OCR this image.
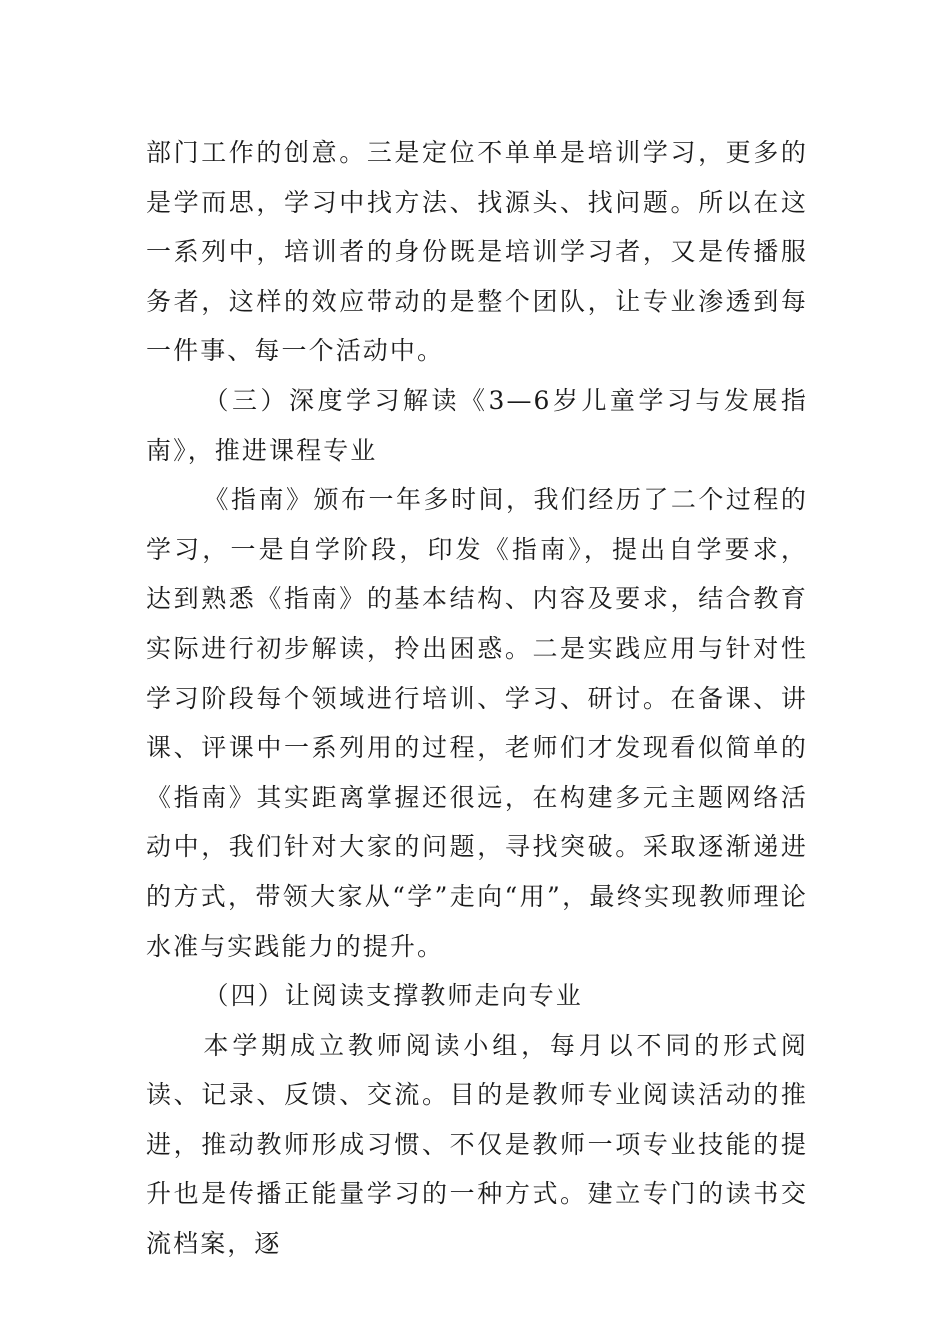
部门工作的创意。三是定位不单单是培训学习，更多的是学而思，学习中找方法、找源头、找问题。所以在这一系列中，培训者的身份既是培训学习者，又是传播服务者，这样的效应带动的是整个团队，让专业渗透到每一件事、每一个活动中。

（三）深度学习解读《3—6岁儿童学习与发展指南》，推进课程专业

《指南》颁布一年多时间，我们经历了二个过程的学习，一是自学阶段，印发《指南》，提出自学要求，达到熟悉《指南》的基本结构、内容及要求，结合教育实际进行初步解读，拎出困惑。二是实践应用与针对性学习阶段每个领域进行培训、学习、研讨。在备课、讲课、评课中一系列用的过程，老师们才发现看似简单的《指南》其实距离掌握还很远，在构建多元主题网络活动中，我们针对大家的问题，寻找突破。采取逐渐递进的方式，带领大家从“学”走向“用”，最终实现教师理论水准与实践能力的提升。

（四）让阅读支撑教师走向专业

本学期成立教师阅读小组，每月以不同的形式阅读、记录、反馈、交流。目的是教师专业阅读活动的推进，推动教师形成习惯、不仅是教师一项专业技能的提升也是传播正能量学习的一种方式。建立专门的读书交流档案，逐
